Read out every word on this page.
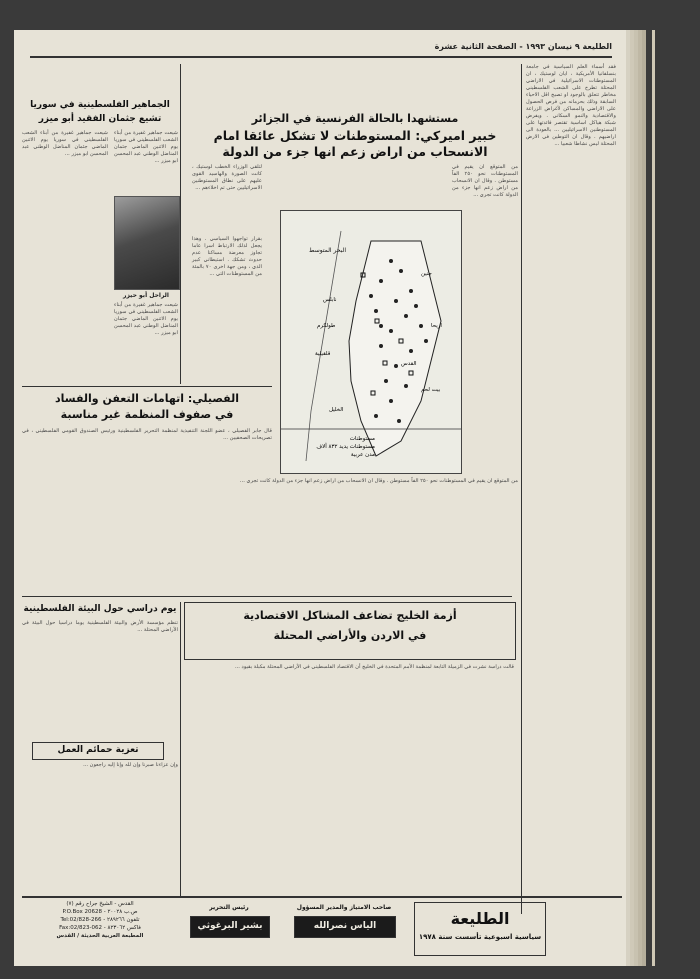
الطليعة ٩ نيسان ١٩٩٣ - الصفحة الثانية عشرة
فقد أسماء العلم السياسية في جامعة بنسلفانيا الأمريكية ، ايان لوستيك ، ان المستوطنات الاسرائيلية في الاراضي المحتلة تطرح على الشعب الفلسطيني مخاطر تتعلق بالوجود او تصبح اقل الاحياء السابقة وذلك بحرمانه من فرص الحصول على الاراضي والمساكن لأغراض الزراعة والاقتصادية والنمو السكاني . ويفرض شبكة هياكل اساسية تقتصر فائدتها على المستوطنين الاسرائيليين ... بالعودة الى اراضيهم . وقال ان التوطين في الارض المحتلة ليس نشاطا شعبيا ...
مستشهدا بالحالة الفرنسية في الجزائر
خبير اميركي: المستوطنات لا تشكل عائقا امام
الانسحاب من اراض زعم انها جزء من الدولة
من المتوقع ان يقيم في المستوطنات نحو ٢٥٠ الفاً مستوطن . وقال ان الانسحاب من اراض زعم انها جزء من الدولة كانت تجري ...
لتلقي الوزراء الخطب لوستيك ، كانت الصورة والهاسيد القوى عليهم على نطاق المستوطنين الاسرائيليين حتى تم اخلاءهم ...
بقرار تواجهوا السياسي . وهذا يجعل لذلك الارتباط اسرا عاما تجاوز معرضة مساكنا عدم حدوث تشكك . استيطاني كبير الذي ، ومن جهة اخرى ٧٠ بالمئة من المستوطنات التي ...
البحر المتوسط
جنين
نابلس
القدس
بيت لحم
الخليل
اريحا
طولكرم
قلقيلية
مستوطنات
مستوطنات يديد ٨٣٢ آلاف
مدن عربية
من المتوقع ان يقيم في المستوطنات نحو ٢٥٠ الفاً مستوطن . وقال ان الانسحاب من اراض زعم انها جزء من الدولة كانت تجري ...
الجماهير الفلسطينية في سوريا
تشيع جثمان الفقيد أبو ميزر
الراحل أبو حيزر
شيعت جماهير غفيرة من أبناء الشعب الفلسطيني في سوريا يوم الاثنين الماضي جثمان المناضل الوطني عبد المحسن ابو ميزر ...
شيعت جماهير غفيرة من أبناء الشعب الفلسطيني في سوريا يوم الاثنين الماضي جثمان المناضل الوطني عبد المحسن ابو ميزر ...
شيعت جماهير غفيرة من أبناء الشعب الفلسطيني في سوريا يوم الاثنين الماضي جثمان المناضل الوطني عبد المحسن ابو ميزر ...
الفصيلي: اتهامات التعفن والفساد
في صفوف المنظمة غير مناسبة
قال جابر الفصيلي ، عضو اللجنة التنفيذية لمنظمة التحرير الفلسطينية ورئيس الصندوق القومي الفلسطيني ، في تصريحات الصحفيين ...
أزمة الخليج تضاعف المشاكل الاقتصادية
في الاردن والأراضي المحتلة
قالت دراسة نشرت في الزميلة التابعة لمنظمة الأمم المتحدة في الخليج أن الاقتصاد الفلسطيني في الأراضي المحتلة مكبلة بقيود ...
يوم دراسي حول البيئة الفلسطينية
تنظم مؤسسة الأرض والبيئة الفلسطينية يوما دراسيا حول البيئة في الأراضي المحتلة ...
تعزية حمائم العمل
وإن عزاءنا صبرنا وإن لله وإنا إليه راجعون ...
الطليعة
سياسية اسبوعية تأسست سنة ١٩٧٨
صاحب الامتياز والمدير المسؤول
الياس نصرالله
رئيس التحرير
بشير البرغوثي
القدس - الشيخ جراح رقم (٧)
ص.ب ٢٠٠٢٨ - P.O.Box 20628
تلفون ٢٨٩٢٦٦ - Tel:02/828-266
فاكس ٨٢٣٠٦٢ - Fax:02/823-062
المطبعة العربية الحديثة / القدس
